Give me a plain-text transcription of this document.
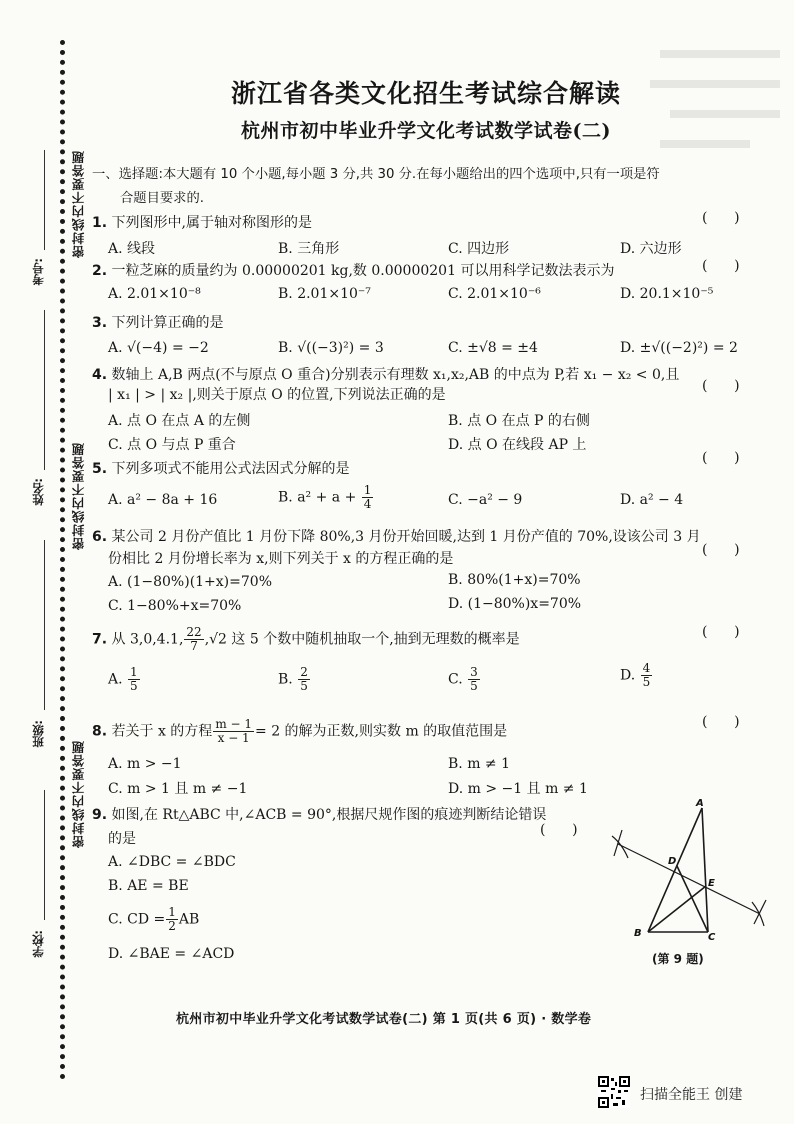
密封线内不要答题
密封线内不要答题
密封线内不要答题
考号:
姓名:
班级:
学校:
浙江省各类文化招生考试综合解读
杭州市初中毕业升学文化考试数学试卷(二)
一、选择题:本大题有 10 个小题,每小题 3 分,共 30 分.在每小题给出的四个选项中,只有一项是符
合题目要求的.
1. 下列图形中,属于轴对称图形的是	(      )
A. 线段	B. 三角形	C. 四边形	D. 六边形
2. 一粒芝麻的质量约为 0.00000201 kg,数 0.00000201 可以用科学记数法表示为	(      )
A. 2.01×10⁻⁸	B. 2.01×10⁻⁷	C. 2.01×10⁻⁶	D. 20.1×10⁻⁵
3. 下列计算正确的是
A. √(−4) = −2	B. √((−3)²) = 3	C. ±√8 = ±4	D. ±√((−2)²) = 2
4. 数轴上 A,B 两点(不与原点 O 重合)分别表示有理数 x₁,x₂,AB 的中点为 P,若 x₁ − x₂ < 0,且
(      )
| x₁ | > | x₂ |,则关于原点 O 的位置,下列说法正确的是
A. 点 O 在点 A 的左侧	B. 点 O 在点 P 的右侧
C. 点 O 与点 P 重合	D. 点 O 在线段 AP 上
5. 下列多项式不能用公式法因式分解的是
(      )
A. a² − 8a + 16	B. $a^2 + a + \frac{1}{4}$	C. −a² − 9	D. a² − 4
6. 某公司 2 月份产值比 1 月份下降 80%,3 月份开始回暖,达到 1 月份产值的 70%,设该公司 3 月
份相比 2 月份增长率为 x,则下列关于 x 的方程正确的是
(      )
A. (1−80%)(1+x)=70%	B. 80%(1+x)=70%
C. 1−80%+x=70%	D. (1−80%)x=70%
7. 从 3,0,4.1, $\frac{22}{7} ,√2$ 这 5 个数中随机抽取一个,抽到无理数的概率是	(      )
A. $\frac{1}{5}$	B. $\frac{2}{5}$	C. $\frac{3}{5}$	D. $\frac{4}{5}$
8. 若关于 x 的方程 $\frac{m - 1}{x - 1} = 2$ 的解为正数,则实数 m 的取值范围是
(      )
A. m > −1	B. m ≠ 1
C. m > 1 且 m ≠ −1	D. m > −1 且 m ≠ 1
9. 如图,在 Rt△ABC 中,∠ACB = 90°,根据尺规作图的痕迹判断结论错误
的是
(      )
A. ∠DBC = ∠BDC
B. AE = BE
C. CD = $\frac{1}{2}$ AB
D. ∠BAE = ∠ACD
A
B	C
D
E
(第 9 题)
杭州市初中毕业升学文化考试数学试卷(二) 第 1 页(共 6 页) · 数学卷
扫描全能王 创建
